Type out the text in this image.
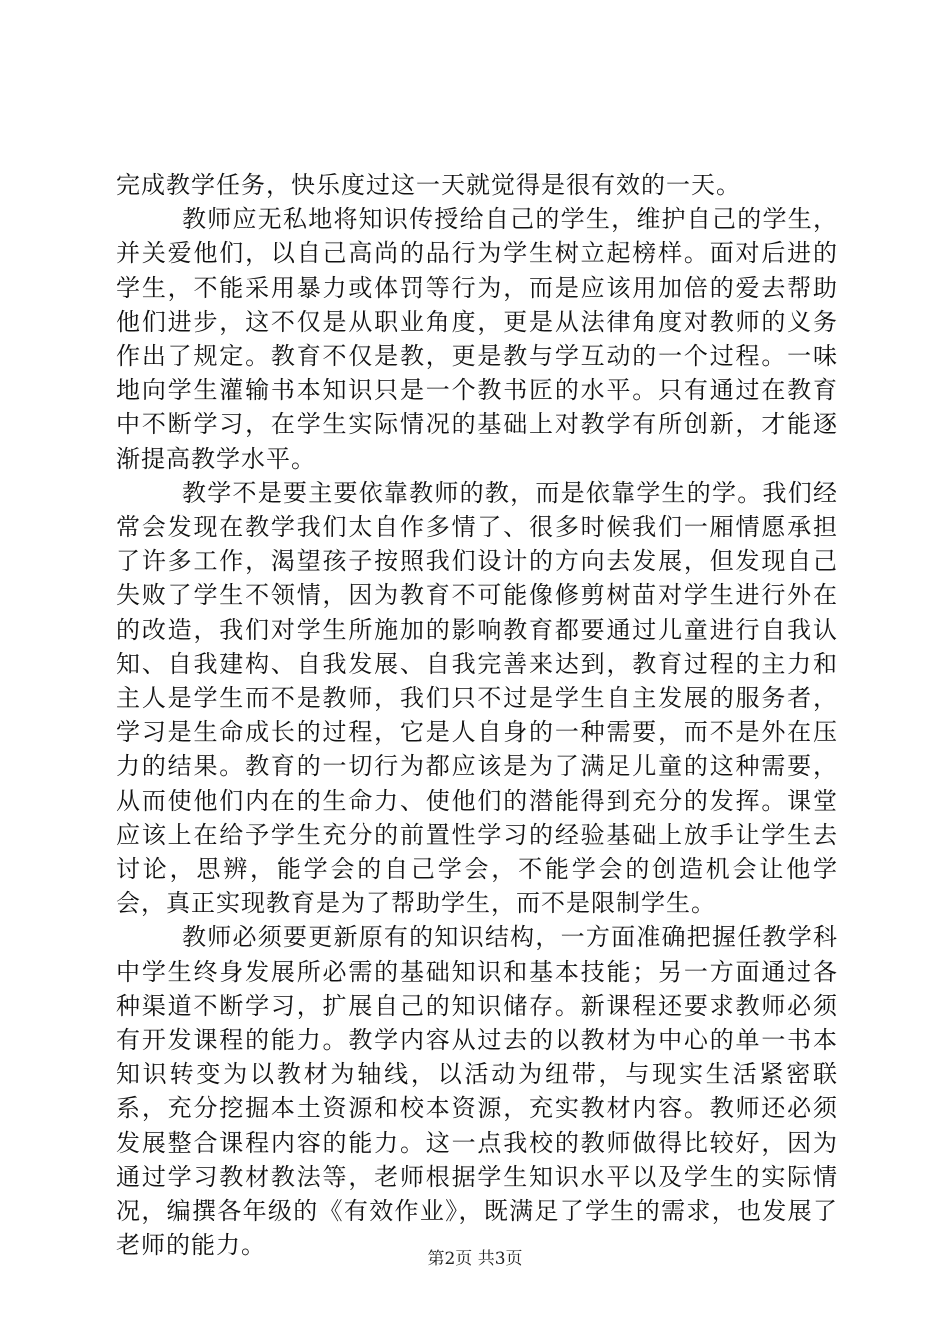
完成教学任务，快乐度过这一天就觉得是很有效的一天。

教师应无私地将知识传授给自己的学生，维护自己的学生，并关爱他们，以自己高尚的品行为学生树立起榜样。面对后进的学生，不能采用暴力或体罚等行为，而是应该用加倍的爱去帮助他们进步，这不仅是从职业角度，更是从法律角度对教师的义务作出了规定。教育不仅是教，更是教与学互动的一个过程。一味地向学生灌输书本知识只是一个教书匠的水平。只有通过在教育中不断学习，在学生实际情况的基础上对教学有所创新，才能逐渐提高教学水平。

教学不是要主要依靠教师的教，而是依靠学生的学。我们经常会发现在教学我们太自作多情了、很多时候我们一厢情愿承担了许多工作，渴望孩子按照我们设计的方向去发展，但发现自己失败了学生不领情，因为教育不可能像修剪树苗对学生进行外在的改造，我们对学生所施加的影响教育都要通过儿童进行自我认知、自我建构、自我发展、自我完善来达到，教育过程的主力和主人是学生而不是教师，我们只不过是学生自主发展的服务者，学习是生命成长的过程，它是人自身的一种需要，而不是外在压力的结果。教育的一切行为都应该是为了满足儿童的这种需要，从而使他们内在的生命力、使他们的潜能得到充分的发挥。课堂应该上在给予学生充分的前置性学习的经验基础上放手让学生去讨论，思辨，能学会的自己学会，不能学会的创造机会让他学会，真正实现教育是为了帮助学生，而不是限制学生。

教师必须要更新原有的知识结构，一方面准确把握任教学科中学生终身发展所必需的基础知识和基本技能；另一方面通过各种渠道不断学习，扩展自己的知识储存。新课程还要求教师必须有开发课程的能力。教学内容从过去的以教材为中心的单一书本知识转变为以教材为轴线，以活动为纽带，与现实生活紧密联系，充分挖掘本土资源和校本资源，充实教材内容。教师还必须发展整合课程内容的能力。这一点我校的教师做得比较好，因为通过学习教材教法等，老师根据学生知识水平以及学生的实际情况，编撰各年级的《有效作业》，既满足了学生的需求，也发展了老师的能力。	第2页 共3页
